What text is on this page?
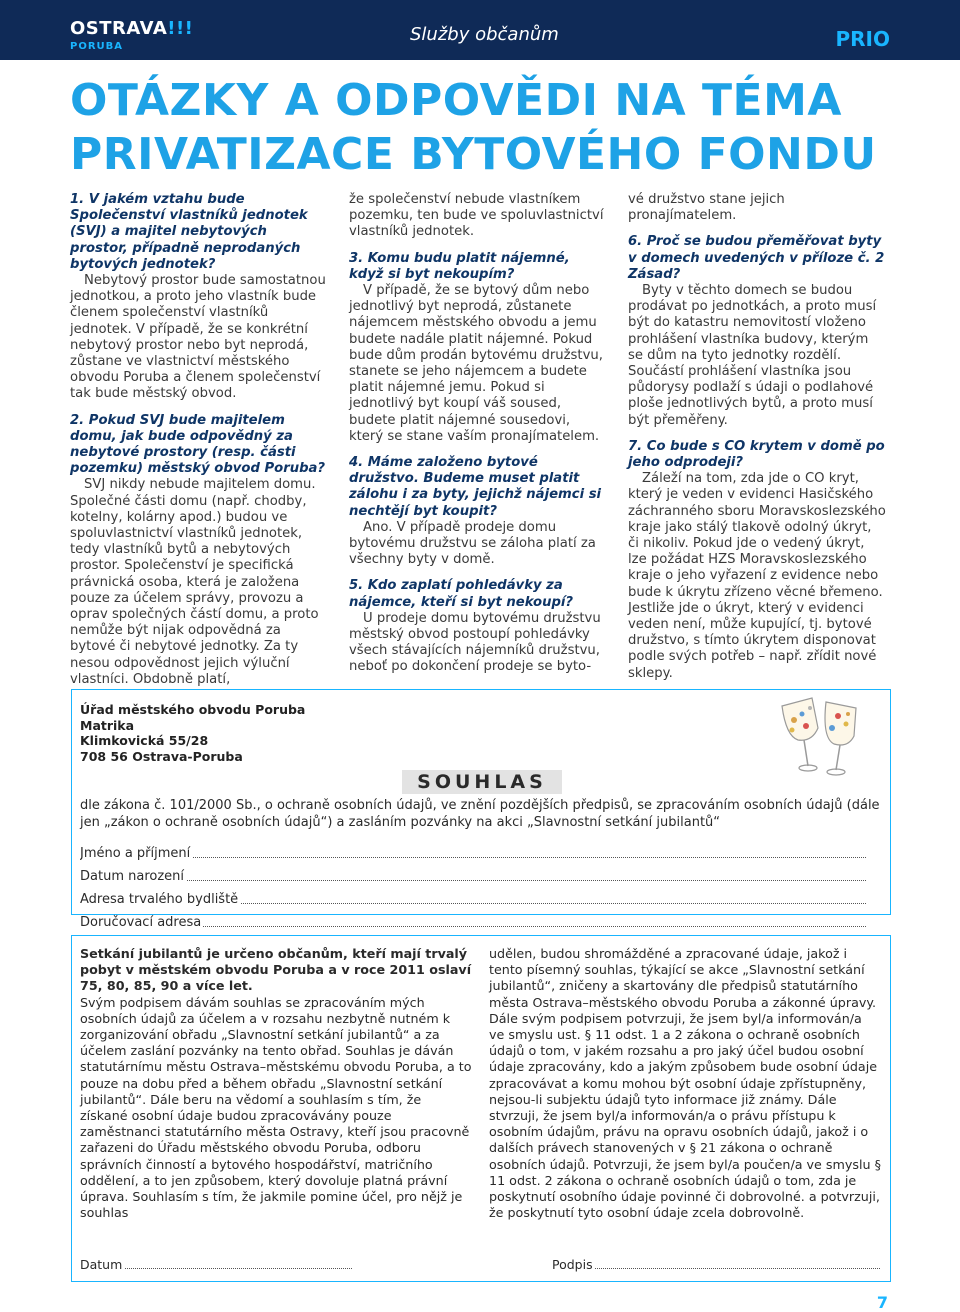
OSTRAVA!!!
PORUBA
Služby občanům	PRIO
OTÁZKY A ODPOVĚDI NA TÉMA PRIVATIZACE BYTOVÉHO FONDU

1. V jakém vztahu bude Společenství vlastníků jednotek (SVJ) a majitel nebytových prostor, případně neprodaných bytových jednotek?

Nebytový prostor bude samostatnou jednotkou, a proto jeho vlastník bude členem společenství vlastníků jednotek. V případě, že se konkrétní nebytový prostor nebo byt neprodá, zůstane ve vlastnictví městského obvodu Poruba a členem společenství tak bude městský obvod.

2. Pokud SVJ bude majitelem domu, jak bude odpovědný za nebytové prostory (resp. části pozemku) městský obvod Poruba?

SVJ nikdy nebude majitelem domu. Společné části domu (např. chodby, kotelny, kolárny apod.) budou ve spoluvlastnictví vlastníků jednotek, tedy vlastníků bytů a nebytových prostor. Společenství je specifická právnická osoba, která je založena pouze za účelem správy, provozu a oprav společných částí domu, a proto nemůže být nijak odpovědná za bytové či nebytové jednotky. Za ty nesou odpovědnost jejich výluční vlastníci. Obdobně platí,

že společenství nebude vlastníkem pozemku, ten bude ve spoluvlastnictví vlastníků jednotek.

3. Komu budu platit nájemné, když si byt nekoupím?

V případě, že se bytový dům nebo jednotlivý byt neprodá, zůstanete nájemcem městského obvodu a jemu budete nadále platit nájemné. Pokud bude dům prodán bytovému družstvu, stanete se jeho nájemcem a budete platit nájemné jemu. Pokud si jednotlivý byt koupí váš soused, budete platit nájemné sousedovi, který se stane vaším pronajímatelem.

4. Máme založeno bytové družstvo. Budeme muset platit zálohu i za byty, jejichž nájemci si nechtějí byt koupit?

Ano. V případě prodeje domu bytovému družstvu se záloha platí za všechny byty v domě.

5. Kdo zaplatí pohledávky za nájemce, kteří si byt nekoupí?

U prodeje domu bytovému družstvu městský obvod postoupí pohledávky všech stávajících nájemníků družstvu, neboť po dokončení prodeje se byto-

vé družstvo stane jejich pronajímatelem.

6. Proč se budou přeměřovat byty v domech uvedených v příloze č. 2 Zásad?

Byty v těchto domech se budou prodávat po jednotkách, a proto musí být do katastru nemovitostí vloženo prohlášení vlastníka budovy, kterým se dům na tyto jednotky rozdělí. Součástí prohlášení vlastníka jsou půdorysy podlaží s údaji o podlahové ploše jednotlivých bytů, a proto musí být přeměřeny.

7. Co bude s CO krytem v domě po jeho odprodeji?

Záleží na tom, zda jde o CO kryt, který je veden v evidenci Hasičského záchranného sboru Moravskoslezského kraje jako stálý tlakově odolný úkryt, či nikoliv. Pokud jde o vedený úkryt, lze požádat HZS Moravskoslezského kraje o jeho vyřazení z evidence nebo bude k úkrytu zřízeno věcné břemeno. Jestliže jde o úkryt, který v evidenci veden není, může kupující, tj. bytové družstvo, s tímto úkrytem disponovat podle svých potřeb – např. zřídit nové sklepy.

Úřad městského obvodu Poruba
Matrika
Klimkovická 55/28
708 56 Ostrava-Poruba
SOUHLAS
dle zákona č. 101/2000 Sb., o ochraně osobních údajů, ve znění pozdějších předpisů, se zpracováním osobních údajů (dále jen „zákon o ochraně osobních údajů“) a zasláním pozvánky na akci „Slavnostní setkání jubilantů“
Jméno a příjmení
Datum narození
Adresa trvalého bydliště
Doručovací adresa

Setkání jubilantů je určeno občanům, kteří mají trvalý pobyt v městském obvodu Poruba a v roce 2011 oslaví 75, 80, 85, 90 a více let.

Svým podpisem dávám souhlas se zpracováním mých osobních údajů za účelem a v rozsahu nezbytně nutném k zorganizování obřadu „Slavnostní setkání jubilantů“ a za účelem zaslání pozvánky na tento obřad. Souhlas je dáván statutárnímu městu Ostrava–městskému obvodu Poruba, a to pouze na dobu před a během obřadu „Slavnostní setkání jubilantů“. Dále beru na vědomí a souhlasím s tím, že získané osobní údaje budou zpracovávány pouze zaměstnanci statutárního města Ostravy, kteří jsou pracovně zařazeni do Úřadu městského obvodu Poruba, odboru správních činností a bytového hospodářství, matričního oddělení, a to jen způsobem, který dovoluje platná právní úprava. Souhlasím s tím, že jakmile pomine účel, pro nějž je souhlas

udělen, budou shromážděné a zpracované údaje, jakož i tento písemný souhlas, týkající se akce „Slavnostní setkání jubilantů“, zničeny a skartovány dle předpisů statutárního města Ostrava–městského obvodu Poruba a zákonné úpravy. Dále svým podpisem potvrzuji, že jsem byl/a informován/a ve smyslu ust. § 11 odst. 1 a 2 zákona o ochraně osobních údajů o tom, v jakém rozsahu a pro jaký účel budou osobní údaje zpracovány, kdo a jakým způsobem bude osobní údaje zpracovávat a komu mohou být osobní údaje zpřístupněny, nejsou-li subjektu údajů tyto informace již známy. Dále stvrzuji, že jsem byl/a informován/a o právu přístupu k osobním údajům, právu na opravu osobních údajů, jakož i o dalších právech stanovených v § 21 zákona o ochraně osobních údajů. Potvrzuji, že jsem byl/a poučen/a ve smyslu § 11 odst. 2 zákona o ochraně osobních údajů o tom, zda je poskytnutí osobního údaje povinné či dobrovolné. a potvrzuji, že poskytnutí tyto osobní údaje zcela dobrovolně.

Datum	Podpis
7
